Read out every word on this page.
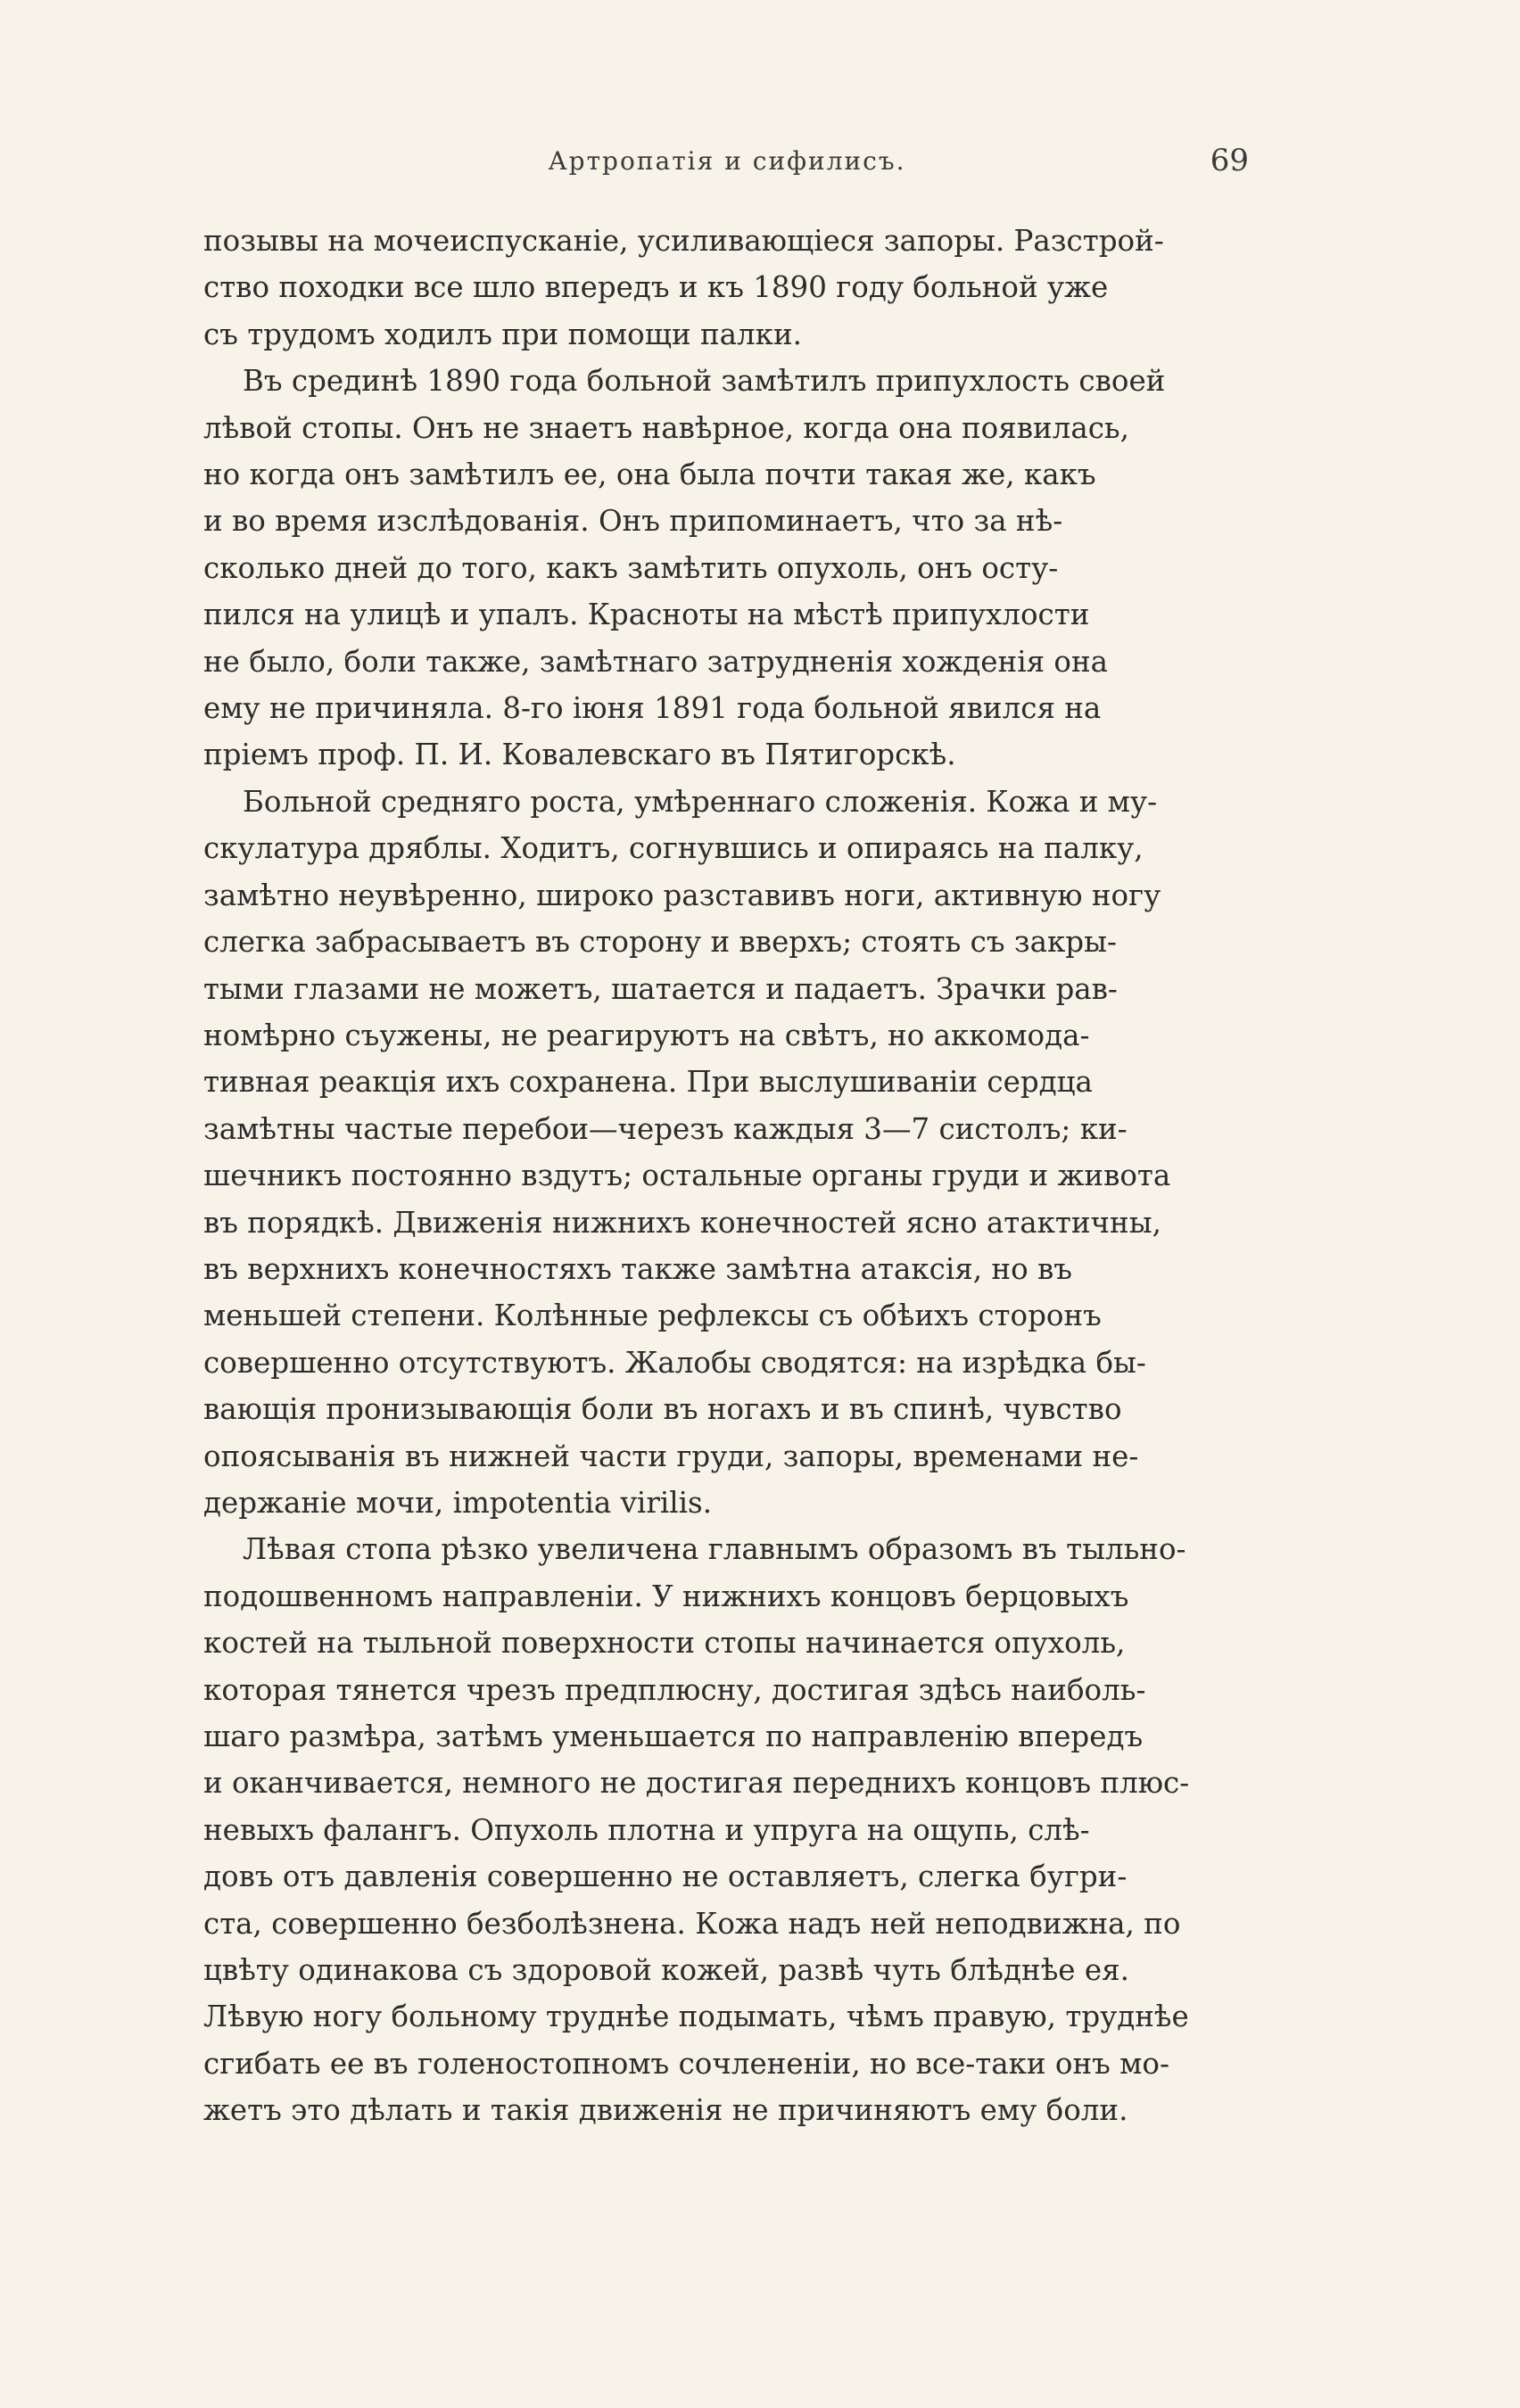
Артропатія и сифилисъ.	69
позывы на мочеиспусканіе, усиливающіеся запоры. Разстрой-
ство походки все шло впередъ и къ 1890 году больной уже
съ трудомъ ходилъ при помощи палки.
Въ срединѣ 1890 года больной замѣтилъ припухлость своей
лѣвой стопы. Онъ не знаетъ навѣрное, когда она появилась,
но когда онъ замѣтилъ ее, она была почти такая же, какъ
и во время изслѣдованія. Онъ припоминаетъ, что за нѣ-
сколько дней до того, какъ замѣтить опухоль, онъ осту-
пился на улицѣ и упалъ. Красноты на мѣстѣ припухлости
не было, боли также, замѣтнаго затрудненія хожденія она
ему не причиняла. 8-го іюня 1891 года больной явился на
пріемъ проф. П. И. Ковалевскаго въ Пятигорскѣ.
Больной средняго роста, умѣреннаго сложенія. Кожа и му-
скулатура дряблы. Ходитъ, согнувшись и опираясь на палку,
замѣтно неувѣренно, широко разставивъ ноги, активную ногу
слегка забрасываетъ въ сторону и вверхъ; стоять съ закры-
тыми глазами не можетъ, шатается и падаетъ. Зрачки рав-
номѣрно съужены, не реагируютъ на свѣтъ, но аккомода-
тивная реакція ихъ сохранена. При выслушиваніи сердца
замѣтны частые перебои—черезъ каждыя 3—7 систолъ; ки-
шечникъ постоянно вздутъ; остальные органы груди и живота
въ порядкѣ. Движенія нижнихъ конечностей ясно атактичны,
въ верхнихъ конечностяхъ также замѣтна атаксія, но въ
меньшей степени. Колѣнные рефлексы съ обѣихъ сторонъ
совершенно отсутствуютъ. Жалобы сводятся: на изрѣдка бы-
вающія пронизывающія боли въ ногахъ и въ спинѣ, чувство
опоясыванія въ нижней части груди, запоры, временами не-
держаніе мочи, impotentia virilis.
Лѣвая стопа рѣзко увеличена главнымъ образомъ въ тыльно-
подошвенномъ направленіи. У нижнихъ концовъ берцовыхъ
костей на тыльной поверхности стопы начинается опухоль,
которая тянется чрезъ предплюсну, достигая здѣсь наиболь-
шаго размѣра, затѣмъ уменьшается по направленію впередъ
и оканчивается, немного не достигая переднихъ концовъ плюс-
невыхъ фалангъ. Опухоль плотна и упруга на ощупь, слѣ-
довъ отъ давленія совершенно не оставляетъ, слегка бугри-
ста, совершенно безболѣзнена. Кожа надъ ней неподвижна, по
цвѣту одинакова съ здоровой кожей, развѣ чуть блѣднѣе ея.
Лѣвую ногу больному труднѣе подымать, чѣмъ правую, труднѣе
сгибать ее въ голеностопномъ сочлененіи, но все-таки онъ мо-
жетъ это дѣлать и такія движенія не причиняютъ ему боли.
